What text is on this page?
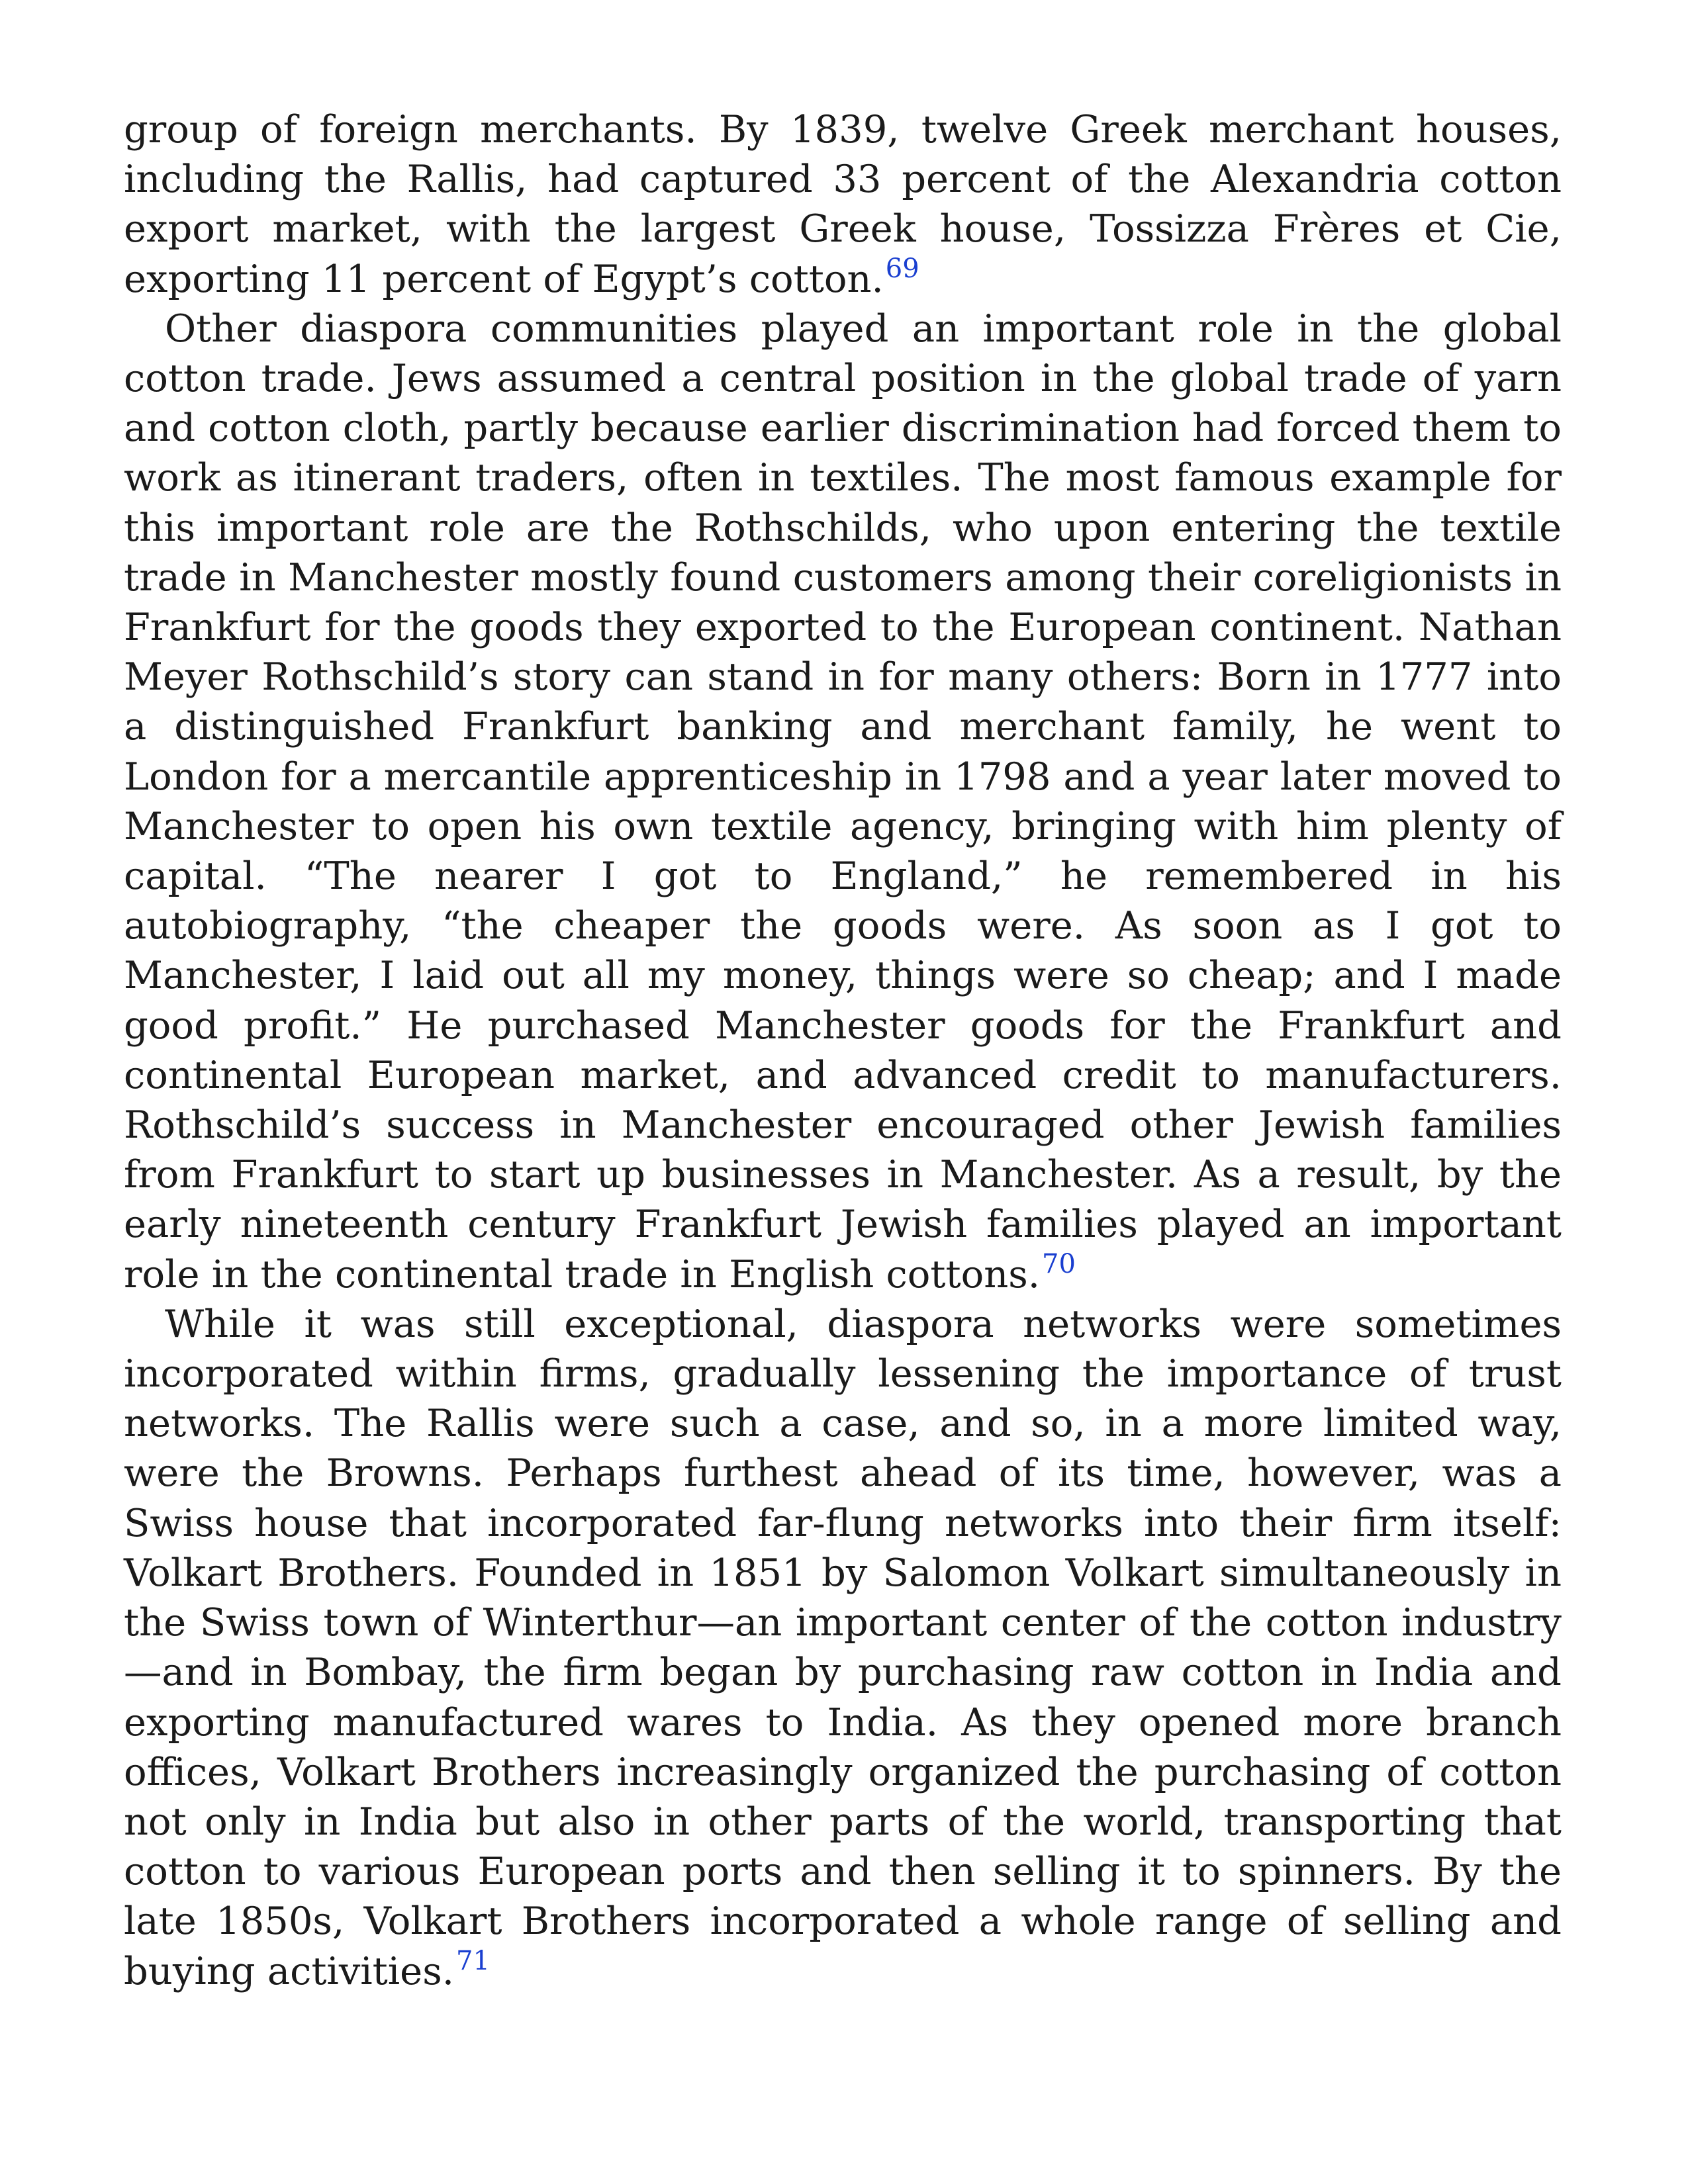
group of foreign merchants. By 1839, twelve Greek merchant houses, including the Rallis, had captured 33 percent of the Alexandria cotton export market, with the largest Greek house, Tossizza Frères et Cie, exporting 11 percent of Egypt’s cotton.$^{69}$

Other diaspora communities played an important role in the global cotton trade. Jews assumed a central position in the global trade of yarn and cotton cloth, partly because earlier discrimination had forced them to work as itinerant traders, often in textiles. The most famous example for this important role are the Rothschilds, who upon entering the textile trade in Manchester mostly found customers among their coreligionists in Frankfurt for the goods they exported to the European continent. Nathan Meyer Rothschild’s story can stand in for many others: Born in 1777 into a distinguished Frankfurt banking and merchant family, he went to London for a mercantile apprenticeship in 1798 and a year later moved to Manchester to open his own textile agency, bringing with him plenty of capital. “The nearer I got to England,” he remembered in his autobiography, “the cheaper the goods were. As soon as I got to Manchester, I laid out all my money, things were so cheap; and I made good profit.” He purchased Manchester goods for the Frankfurt and continental European market, and advanced credit to manufacturers. Rothschild’s success in Manchester encouraged other Jewish families from Frankfurt to start up businesses in Manchester. As a result, by the early nineteenth century Frankfurt Jewish families played an important role in the continental trade in English cottons.$^{70}$

While it was still exceptional, diaspora networks were sometimes incorporated within firms, gradually lessening the importance of trust networks. The Rallis were such a case, and so, in a more limited way, were the Browns. Perhaps furthest ahead of its time, however, was a Swiss house that incorporated far-flung networks into their firm itself: Volkart Brothers. Founded in 1851 by Salomon Volkart simultaneously in the Swiss town of Winterthur—an important center of the cotton industry—and in Bombay, the firm began by purchasing raw cotton in India and exporting manufactured wares to India. As they opened more branch offices, Volkart Brothers increasingly organized the purchasing of cotton not only in India but also in other parts of the world, transporting that cotton to various European ports and then selling it to spinners. By the late 1850s, Volkart Brothers incorporated a whole range of selling and buying activities.$^{71}$
